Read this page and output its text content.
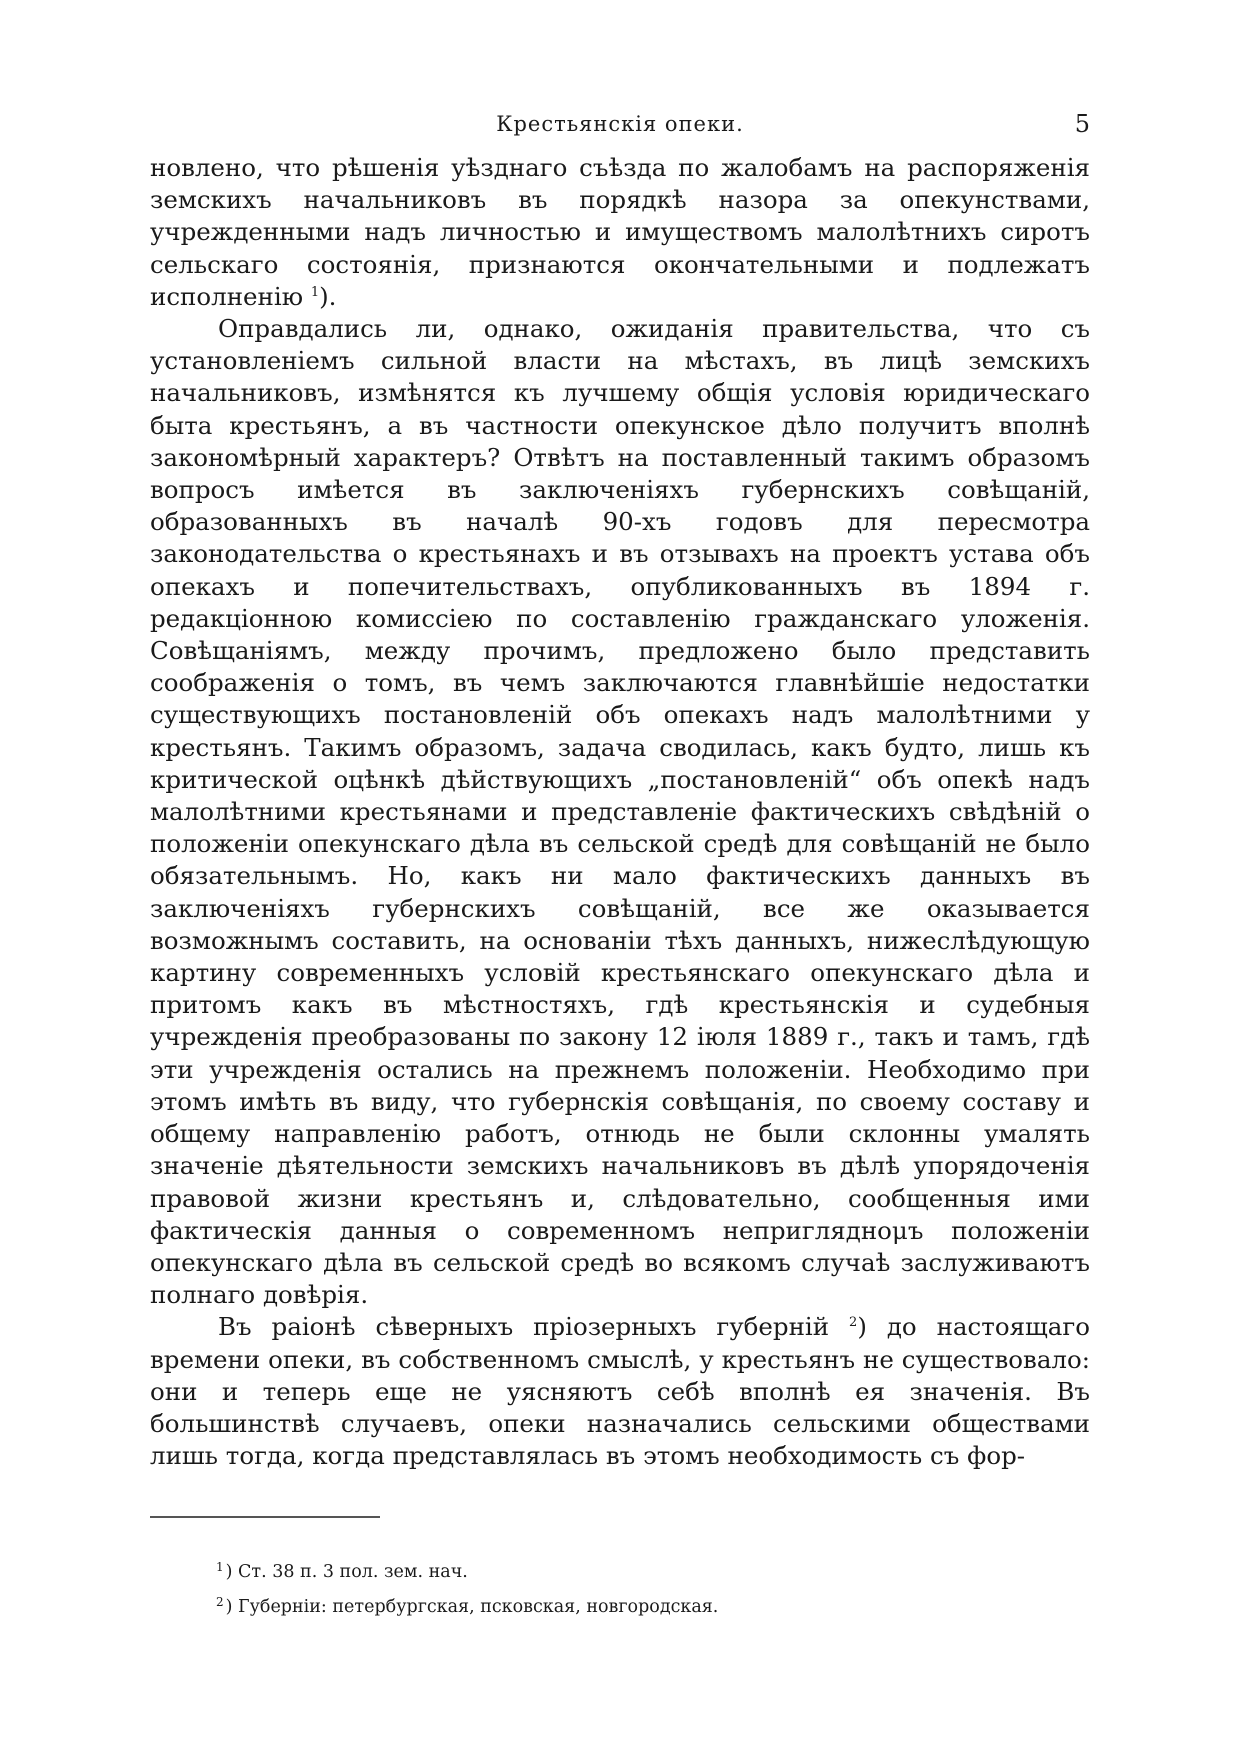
Крестьянскія опеки.	5

новлено, что рѣшенія уѣзднаго съѣзда по жалобамъ на распоряженія земскихъ начальниковъ въ порядкѣ назора за опекунствами, учрежденными надъ личностью и имуществомъ малолѣтнихъ сиротъ сельскаго состоянія, признаются окончательными и подлежатъ исполненію $^1$).

Оправдались ли, однако, ожиданія правительства, что съ установленіемъ сильной власти на мѣстахъ, въ лицѣ земскихъ начальниковъ, измѣнятся къ лучшему общія условія юридическаго быта крестьянъ, а въ частности опекунское дѣло получитъ вполнѣ закономѣрный характеръ? Отвѣтъ на поставленный такимъ образомъ вопросъ имѣется въ заключеніяхъ губернскихъ совѣщаній, образованныхъ въ началѣ 90-хъ годовъ для пересмотра законодательства о крестьянахъ и въ отзывахъ на проектъ устава объ опекахъ и попечительствахъ, опубликованныхъ въ 1894 г. редакціонною комиссіею по составленію гражданскаго уложенія. Совѣщаніямъ, между прочимъ, предложено было представить соображенія о томъ, въ чемъ заключаются главнѣйшіе недостатки существующихъ постановленій объ опекахъ надъ малолѣтними у крестьянъ. Такимъ образомъ, задача сводилась, какъ будто, лишь къ критической оцѣнкѣ дѣйствующихъ „постановленій“ объ опекѣ надъ малолѣтними крестьянами и представленіе фактическихъ свѣдѣній о положеніи опекунскаго дѣла въ сельской средѣ для совѣщаній не было обязательнымъ. Но, какъ ни мало фактическихъ данныхъ въ заключеніяхъ губернскихъ совѣщаній, все же оказывается возможнымъ составить, на основаніи тѣхъ данныхъ, нижеслѣдующую картину современныхъ условій крестьянскаго опекунскаго дѣла и притомъ какъ въ мѣстностяхъ, гдѣ крестьянскія и судебныя учрежденія преобразованы по закону 12 іюля 1889 г., такъ и тамъ, гдѣ эти учрежденія остались на прежнемъ положеніи. Необходимо при этомъ имѣть въ виду, что губернскія совѣщанія, по своему составу и общему направленію работъ, отнюдь не были склонны умалять значеніе дѣятельности земскихъ начальниковъ въ дѣлѣ упорядоченія правовой жизни крестьянъ и, слѣдовательно, сообщенныя ими фактическія данныя о современномъ непригляднομъ положеніи опекунскаго дѣла въ сельской средѣ во всякомъ случаѣ заслуживаютъ полнаго довѣрія.

Въ раіонѣ сѣверныхъ пріозерныхъ губерній $^2$) до настоящаго времени опеки, въ собственномъ смыслѣ, у крестьянъ не существовало: они и теперь еще не уясняютъ себѣ вполнѣ ея значенія. Въ большинствѣ случаевъ, опеки назначались сельскими обществами лишь тогда, когда представлялась въ этомъ необходимость съ фор-

$^1$ ) Ст. 38 п. 3 пол. зем. нач.

$^2$ ) Губерніи: петербургская, псковская, новгородская.
